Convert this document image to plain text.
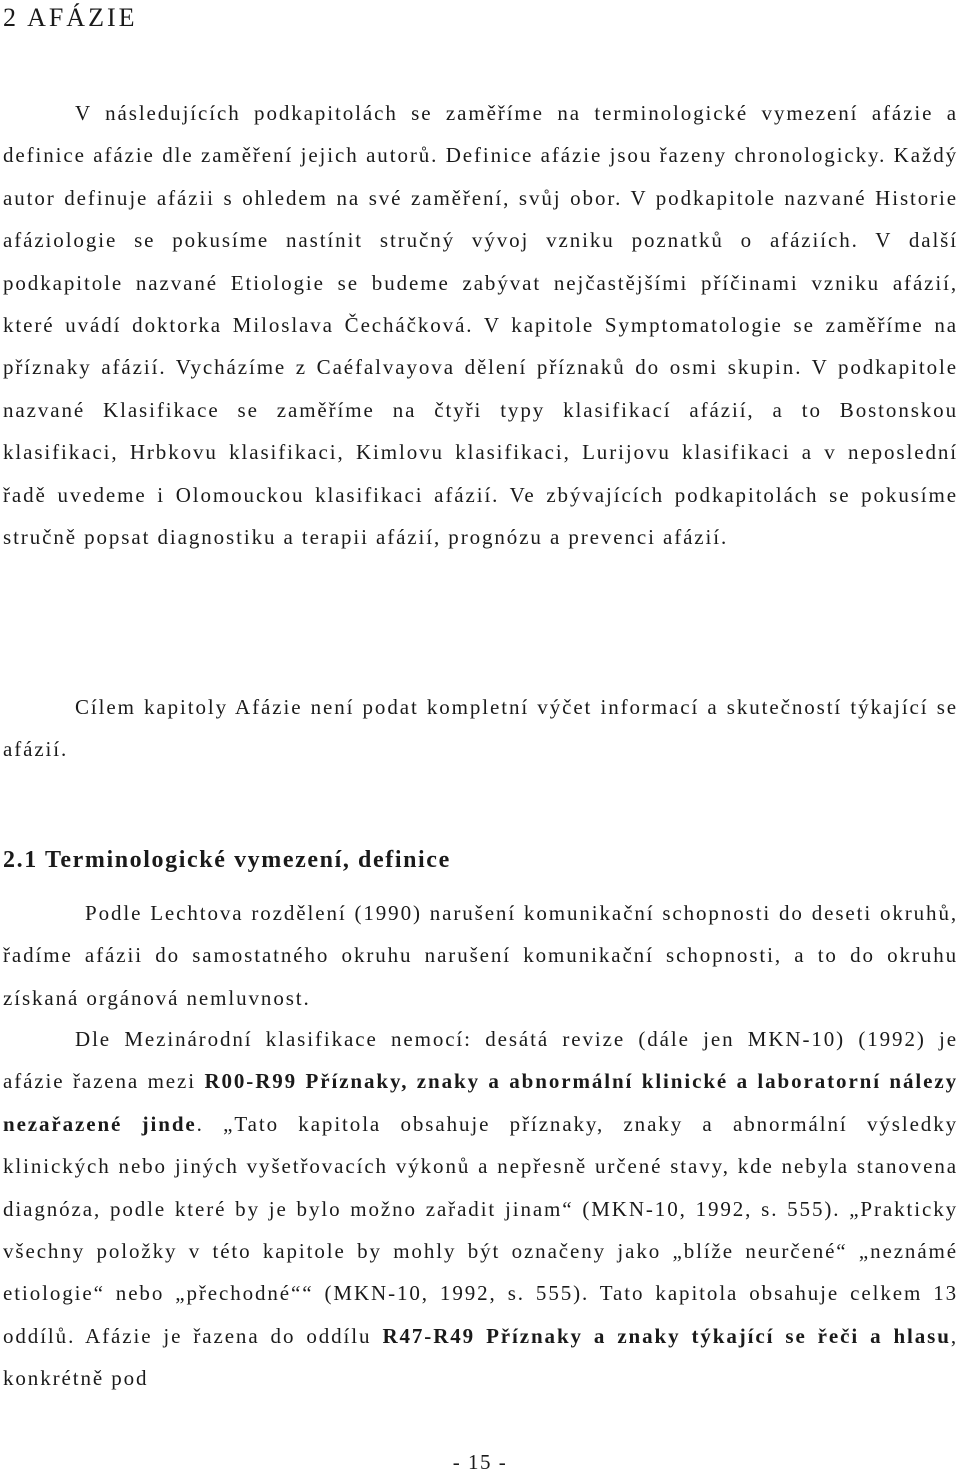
2 AFÁZIE

V následujících podkapitolách se zaměříme na terminologické vymezení afázie a definice afázie dle zaměření jejich autorů. Definice afázie jsou řazeny chronologicky. Každý autor definuje afázii s ohledem na své zaměření, svůj obor. V podkapitole nazvané Historie afáziologie se pokusíme nastínit stručný vývoj vzniku poznatků o afáziích. V další podkapitole nazvané Etiologie se budeme zabývat nejčastějšími příčinami vzniku afázií, které uvádí doktorka Miloslava Čecháčková. V kapitole Symptomatologie se zaměříme na příznaky afázií. Vycházíme z Caéfalvayova dělení příznaků do osmi skupin. V podkapitole nazvané Klasifikace se zaměříme na čtyři typy klasifikací afázií, a to Bostonskou klasifikaci, Hrbkovu klasifikaci, Kimlovu klasifikaci, Lurijovu klasifikaci a v neposlední řadě uvedeme i Olomouckou klasifikaci afázií. Ve zbývajících podkapitolách se pokusíme stručně popsat diagnostiku a terapii afázií, prognózu a prevenci afázií.

Cílem kapitoly Afázie není podat kompletní výčet informací a skutečností týkající se afázií.

2.1 Terminologické vymezení, definice

Podle Lechtova rozdělení (1990) narušení komunikační schopnosti do deseti okruhů, řadíme afázii do samostatného okruhu narušení komunikační schopnosti, a to do okruhu získaná orgánová nemluvnost.

Dle Mezinárodní klasifikace nemocí: desátá revize (dále jen MKN-10) (1992) je afázie řazena mezi R00-R99 Příznaky, znaky a abnormální klinické a laboratorní nálezy nezařazené jinde. „Tato kapitola obsahuje příznaky, znaky a abnormální výsledky klinických nebo jiných vyšetřovacích výkonů a nepřesně určené stavy, kde nebyla stanovena diagnóza, podle které by je bylo možno zařadit jinam“ (MKN-10, 1992, s. 555). „Prakticky všechny položky v této kapitole by mohly být označeny jako „blíže neurčené“ „neznámé etiologie“ nebo „přechodné““ (MKN-10, 1992, s. 555). Tato kapitola obsahuje celkem 13 oddílů. Afázie je řazena do oddílu R47-R49 Příznaky a znaky týkající se řeči a hlasu, konkrétně pod

- 15 -
